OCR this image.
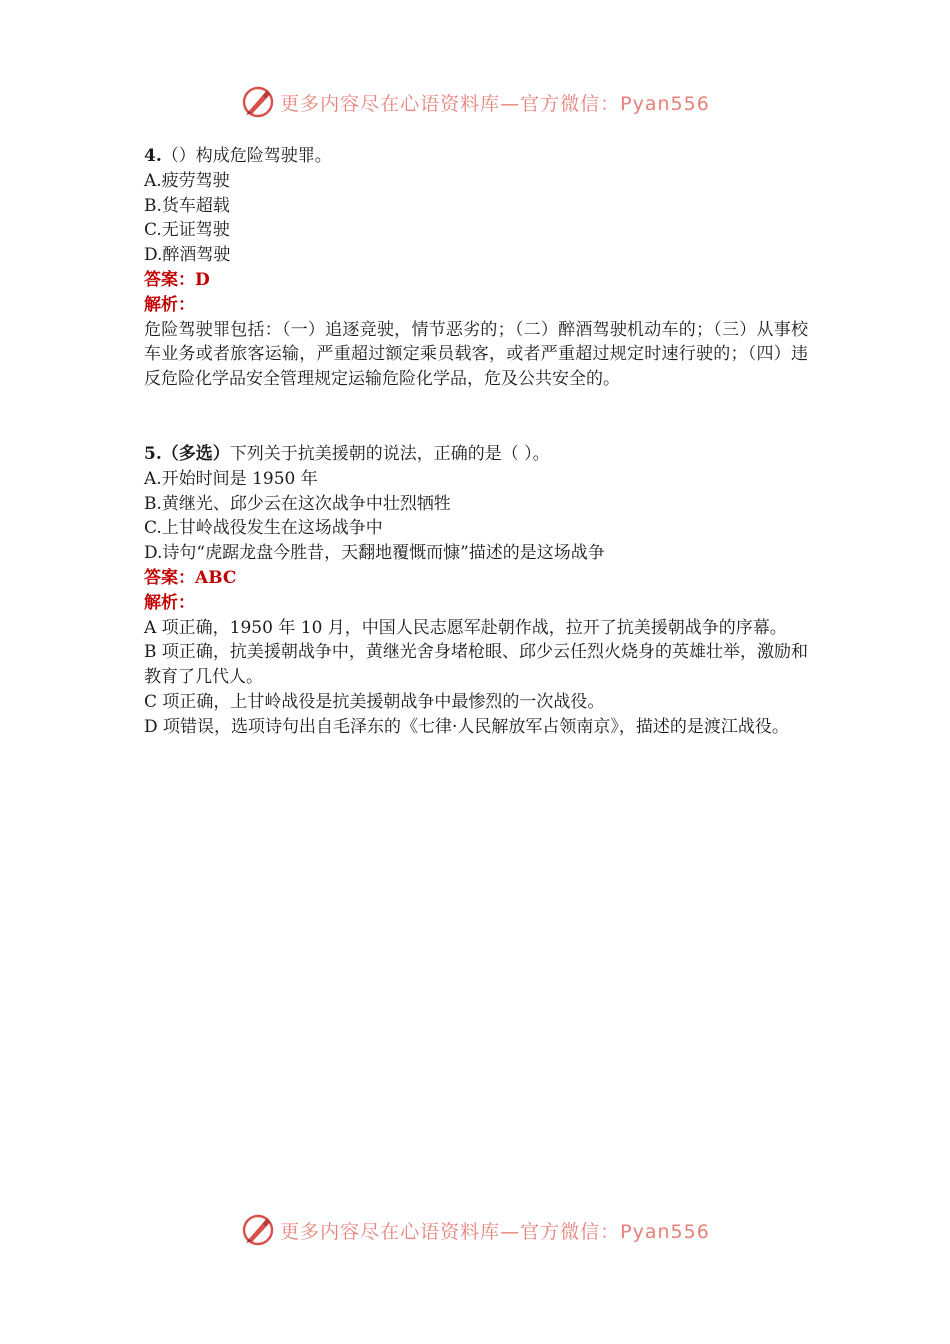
更多内容尽在心语资料库—官方微信：Pyan556

4.（）构成危险驾驶罪。

A.疲劳驾驶

B.货车超载

C.无证驾驶

D.醉酒驾驶

答案：D

解析：

危险驾驶罪包括：（一）追逐竞驶，情节恶劣的；（二）醉酒驾驶机动车的；（三）从事校车业务或者旅客运输，严重超过额定乘员载客，或者严重超过规定时速行驶的；（四）违反危险化学品安全管理规定运输危险化学品，危及公共安全的。

5.（多选）下列关于抗美援朝的说法，正确的是（ ）。

A.开始时间是 1950 年

B.黄继光、邱少云在这次战争中壮烈牺牲

C.上甘岭战役发生在这场战争中

D.诗句“虎踞龙盘今胜昔，天翻地覆慨而慷”描述的是这场战争

答案：ABC

解析：

A 项正确，1950 年 10 月，中国人民志愿军赴朝作战，拉开了抗美援朝战争的序幕。

B 项正确，抗美援朝战争中，黄继光舍身堵枪眼、邱少云任烈火烧身的英雄壮举，激励和教育了几代人。

C 项正确，上甘岭战役是抗美援朝战争中最惨烈的一次战役。

D 项错误，选项诗句出自毛泽东的《七律·人民解放军占领南京》，描述的是渡江战役。

更多内容尽在心语资料库—官方微信：Pyan556
